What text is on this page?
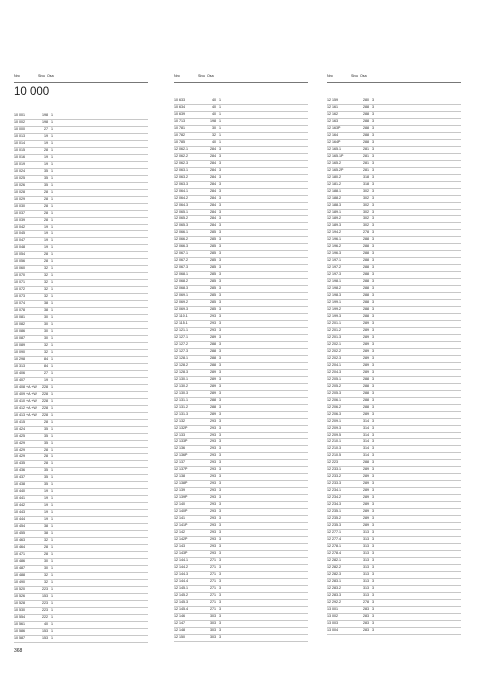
Nro	Sivu Osa	Nro	Sivu Osa	Nro	Sivu Osa
10 000
10 001	198 1
10 002	198 1
10 000	27 1
10 013	19 1
10 014	19 1
10 015	28 1
10 016	19 1
10 019	19 1
10 024	35 1
10 025	35 1
10 026	35 1
10 028	28 1
10 029	28 1
10 030	28 1
10 037	28 1
10 039	28 1
10 042	19 1
10 045	19 1
10 047	19 1
10 048	19 1
10 054	28 1
10 056	28 1
10 060	32 1
10 070	32 1
10 071	32 1
10 072	32 1
10 073	32 1
10 074	38 1
10 078	38 1
10 081	30 1
10 082	30 1
10 086	30 1
10 087	30 1
10 089	32 1
10 090	32 1
10 298	84 1
10 313	84 1
10 406	27 1
10 407	19 1
10 408 +A +W	228 1
10 409 +A +W	228 1
10 410 +A +W	228 1
10 412 +A +W	228 1
10 413 +A +W	228 1
10 415	28 1
10 424	35 1
10 425	35 1
10 429	35 1
10 429	28 1
10 429	28 1
10 435	28 1
10 436	35 1
10 437	35 1
10 438	35 1
10 440	19 1
10 441	19 1
10 442	19 1
10 443	19 1
10 444	19 1
10 454	38 1
10 455	38 1
10 463	32 1
10 464	28 1
10 471	28 1
10 486	30 1
10 487	30 1
10 488	32 1
10 490	32 1
10 520	223 1
10 526	153 1
10 528	223 1
10 530	223 1
10 554	222 1
10 561	40 1
10 586	153 1
10 587	153 1
10 633	40 1
10 634	40 1
10 639	40 1
10 713	198 1
10 781	30 1
10 782	32 1
10 785	40 1
12 062.1	284 3
12 062.2	284 3
12 062.3	284 3
12 063.1	284 3
12 063.2	284 3
12 063.3	284 3
12 064.1	284 3
12 064.2	284 3
12 064.3	284 3
12 065.1	284 3
12 065.2	284 3
12 065.3	284 3
12 066.1	285 3
12 066.2	285 3
12 066.3	285 3
12 067.1	285 3
12 067.2	285 3
12 067.3	285 3
12 068.1	285 3
12 068.2	285 3
12 068.3	285 3
12 069.1	285 3
12 069.2	285 3
12 069.3	285 3
12 110.1	293 3
12 115.1	293 3
12 121.1	293 3
12 127.1	289 3
12 127.2	288 3
12 127.3	288 3
12 128.1	288 3
12 128.2	288 3
12 128.3	289 3
12 130.1	289 3
12 130.2	289 3
12 130.3	289 3
12 131.1	288 3
12 131.2	288 3
12 131.3	289 3
12 132	293 3
12 132P	293 3
12 133	293 3
12 133P	293 3
12 136	293 3
12 136P	293 3
12 137	293 3
12 137P	293 3
12 138	293 3
12 138P	293 3
12 139	293 3
12 139P	293 3
12 140	293 3
12 140P	293 3
12 141	293 3
12 141P	293 3
12 142	293 3
12 142P	293 3
12 143	293 3
12 143P	293 3
12 144.1	271 3
12 144.2	271 3
12 144.3	271 3
12 144.4	271 3
12 145.1	271 3
12 145.2	271 3
12 145.3	271 3
12 145.4	271 3
12 146	303 3
12 147	303 3
12 148	303 3
12 150	303 3
12 159	280 3
12 161	288 3
12 162	288 3
12 163	288 3
12 163P	288 3
12 164	288 3
12 164P	288 3
12 165.1	281 3
12 165.1P	281 3
12 165.2	281 3
12 165.2P	281 3
12 180.2	318 3
12 181.2	318 3
12 188.1	302 3
12 188.2	302 3
12 188.3	302 3
12 189.1	302 3
12 189.2	302 3
12 189.3	302 3
12 194.2	278 3
12 196.1	288 3
12 196.2	288 3
12 196.3	288 3
12 197.1	288 3
12 197.2	288 3
12 197.3	288 3
12 198.1	288 3
12 198.2	288 3
12 198.3	288 3
12 199.1	288 3
12 199.2	288 3
12 199.3	288 3
12 201.1	289 3
12 201.2	289 3
12 201.3	289 3
12 202.1	289 3
12 202.2	289 3
12 202.3	289 3
12 204.1	289 3
12 204.3	289 3
12 205.1	288 3
12 205.2	288 3
12 205.3	288 3
12 206.1	288 3
12 206.2	288 3
12 206.3	289 3
12 209.1	314 3
12 209.3	314 3
12 209.5	314 3
12 210.1	314 3
12 210.3	314 3
12 210.5	314 3
12 223	288 3
12 233.1	289 3
12 233.2	289 3
12 233.3	289 3
12 234.1	289 3
12 234.2	289 3
12 234.3	289 3
12 235.1	289 3
12 235.2	289 3
12 235.3	289 3
12 277.1	313 3
12 277.4	313 3
12 278.1	313 3
12 278.4	313 3
12 282.1	313 3
12 282.2	313 3
12 282.3	313 3
12 283.1	313 3
12 283.2	313 3
12 283.3	313 3
12 292.2	278 3
13 001	283 3
13 002	283 3
13 003	283 3
13 004	283 3
368
